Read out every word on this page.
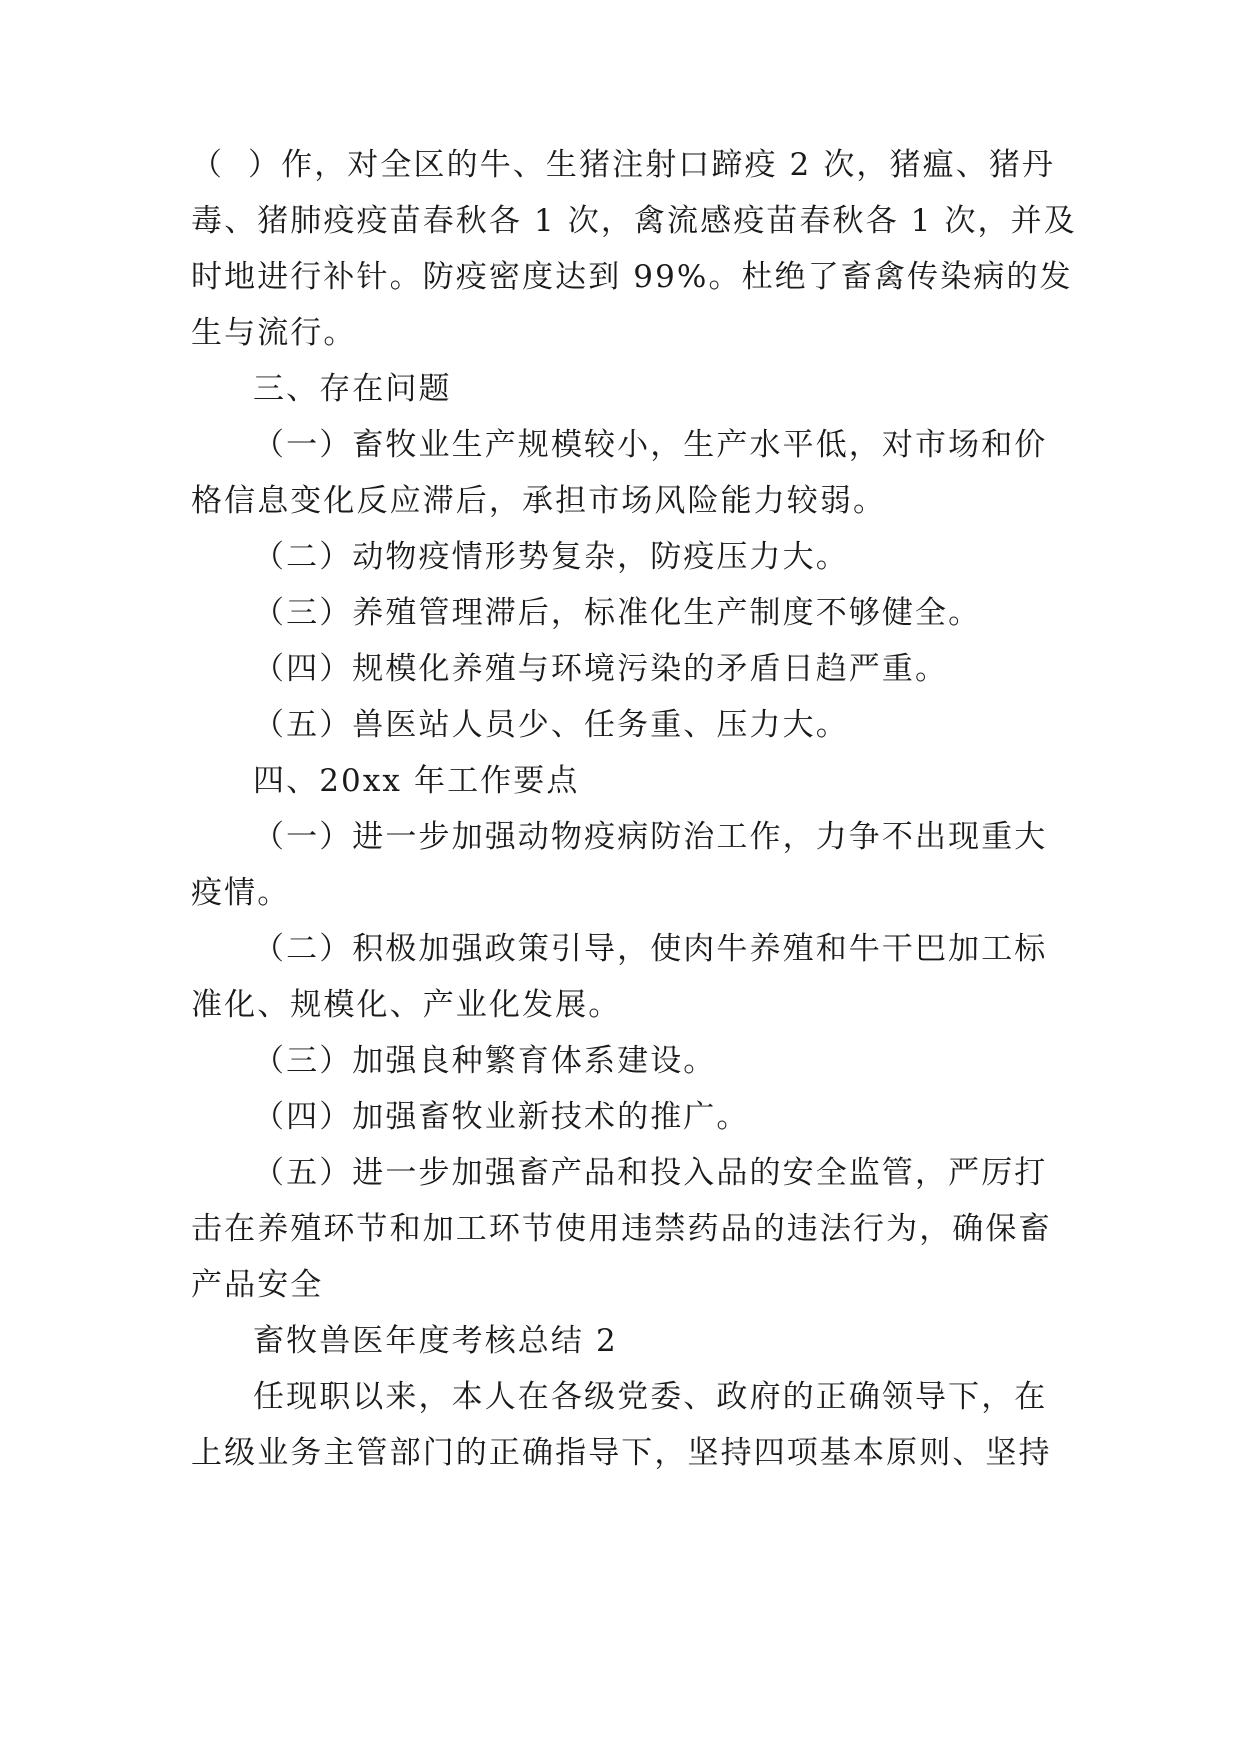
（  ）作，对全区的牛、生猪注射口蹄疫 2 次，猪瘟、猪丹
毒、猪肺疫疫苗春秋各 1 次，禽流感疫苗春秋各 1 次，并及
时地进行补针。防疫密度达到 99%。杜绝了畜禽传染病的发
生与流行。
三、存在问题
（一）畜牧业生产规模较小，生产水平低，对市场和价
格信息变化反应滞后，承担市场风险能力较弱。
（二）动物疫情形势复杂，防疫压力大。
（三）养殖管理滞后，标准化生产制度不够健全。
（四）规模化养殖与环境污染的矛盾日趋严重。
（五）兽医站人员少、任务重、压力大。
四、20xx 年工作要点
（一）进一步加强动物疫病防治工作，力争不出现重大
疫情。
（二）积极加强政策引导，使肉牛养殖和牛干巴加工标
准化、规模化、产业化发展。
（三）加强良种繁育体系建设。
（四）加强畜牧业新技术的推广。
（五）进一步加强畜产品和投入品的安全监管，严厉打
击在养殖环节和加工环节使用违禁药品的违法行为，确保畜
产品安全
畜牧兽医年度考核总结 2
任现职以来，本人在各级党委、政府的正确领导下，在
上级业务主管部门的正确指导下，坚持四项基本原则、坚持
